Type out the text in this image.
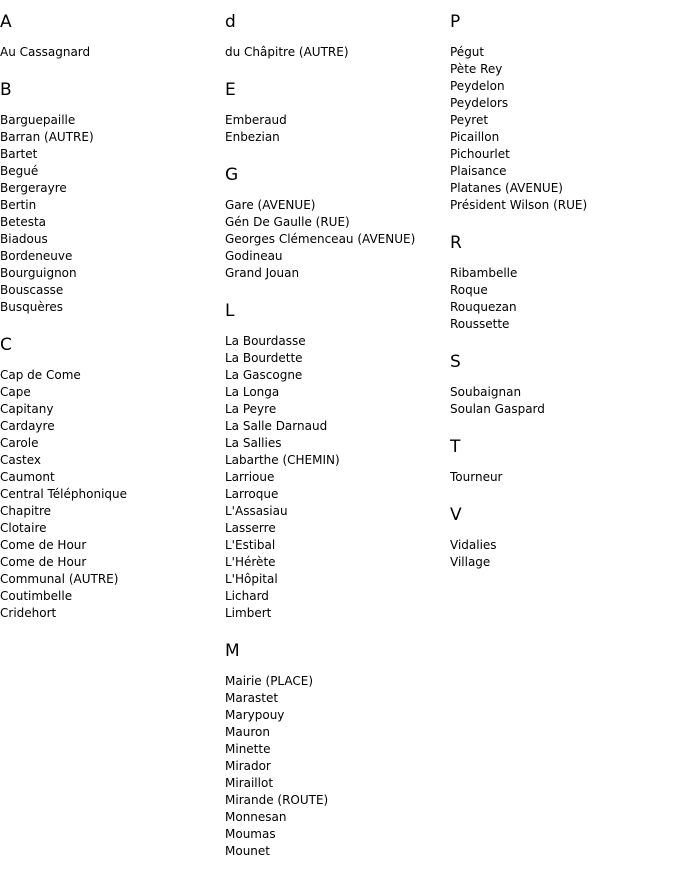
A
Au Cassagnard
B
Barguepaille
Barran (AUTRE)
Bartet
Begué
Bergerayre
Bertin
Betesta
Biadous
Bordeneuve
Bourguignon
Bouscasse
Busquères
C
Cap de Come
Cape
Capitany
Cardayre
Carole
Castex
Caumont
Central Téléphonique
Chapitre
Clotaire
Come de Hour
Come de Hour
Communal (AUTRE)
Coutimbelle
Cridehort
d
du Châpitre (AUTRE)
E
Emberaud
Enbezian
G
Gare (AVENUE)
Gén De Gaulle (RUE)
Georges Clémenceau (AVENUE)
Godineau
Grand Jouan
L
La Bourdasse
La Bourdette
La Gascogne
La Longa
La Peyre
La Salle Darnaud
La Sallies
Labarthe (CHEMIN)
Larrioue
Larroque
L'Assasiau
Lasserre
L'Estibal
L'Hérète
L'Hôpital
Lichard
Limbert
M
Mairie (PLACE)
Marastet
Marypouy
Mauron
Minette
Mirador
Miraillot
Mirande (ROUTE)
Monnesan
Moumas
Mounet
P
Pégut
Pète Rey
Peydelon
Peydelors
Peyret
Picaillon
Pichourlet
Plaisance
Platanes (AVENUE)
Président Wilson (RUE)
R
Ribambelle
Roque
Rouquezan
Roussette
S
Soubaignan
Soulan Gaspard
T
Tourneur
V
Vidalies
Village
